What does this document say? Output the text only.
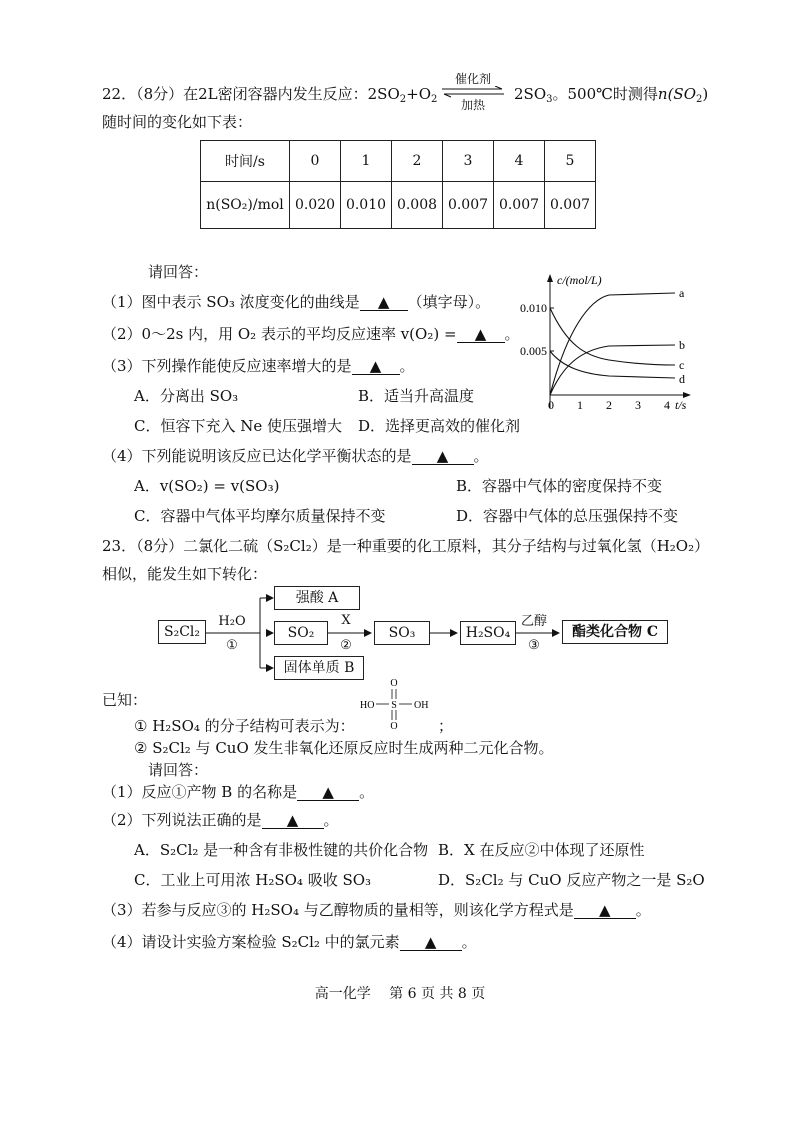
22．（8分）在2L密闭容器内发生反应：$2SO_2+O_2$
催化剂
加热
$2SO_3$。500℃时测得$n(SO_2)$
随时间的变化如下表：
时间/s	0	1	2	3	4	5
n(SO₂)/mol	0.020	0.010	0.008	0.007	0.007	0.007
请回答：
（1）图中表示 SO₃ 浓度变化的曲线是 ▲ （填字母）。
（2）0～2s 内，用 O₂ 表示的平均反应速率 v(O₂) = ▲ 。
（3）下列操作能使反应速率增大的是 ▲ 。
A．分离出 SO₃	B．适当升高温度
C．恒容下充入 Ne 使压强增大 D．选择更高效的催化剂
（4）下列能说明该反应已达化学平衡状态的是 ▲ 。
A．v(SO₂) = v(SO₃)	B．容器中气体的密度保持不变
C．容器中气体平均摩尔质量保持不变	D．容器中气体的总压强保持不变
c/(mol/L)
t/s
0.010
0.005
0 1 2 3 4
a
b
c
d
23．（8分）二氯化二硫（S₂Cl₂）是一种重要的化工原料，其分子结构与过氧化氢（H₂O₂）
相似，能发生如下转化：
S₂Cl₂
H₂O
①
强酸 A
SO₂
固体单质 B
X
②
SO₃	H₂SO₄
乙醇
③
酯类化合物 C
已知：
① H₂SO₄ 的分子结构可表示为：	；
O
HO S OH
O
② S₂Cl₂ 与 CuO 发生非氧化还原反应时生成两种二元化合物。
请回答：
（1）反应①产物 B 的名称是 ▲ 。
（2）下列说法正确的是 ▲ 。
A．S₂Cl₂ 是一种含有非极性键的共价化合物 B．X 在反应②中体现了还原性
C．工业上可用浓 H₂SO₄ 吸收 SO₃	D．S₂Cl₂ 与 CuO 反应产物之一是 S₂O
（3）若参与反应③的 H₂SO₄ 与乙醇物质的量相等，则该化学方程式是 ▲ 。
（4）请设计实验方案检验 S₂Cl₂ 中的氯元素 ▲ 。
高一化学　 第 6 页 共 8 页
